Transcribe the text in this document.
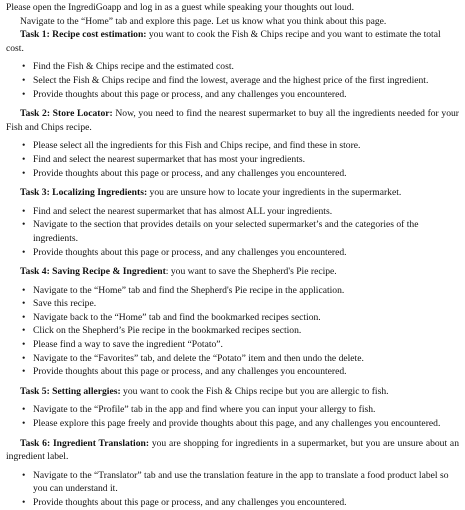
Please open the IngrediGoapp and log in as a guest while speaking your thoughts out loud.

Navigate to the “Home” tab and explore this page. Let us know what you think about this page.

Task 1: Recipe cost estimation: you want to cook the Fish & Chips recipe and you want to estimate the total cost.

• Find the Fish & Chips recipe and the estimated cost.
• Select the Fish & Chips recipe and find the lowest, average and the highest price of the first ingredient.
• Provide thoughts about this page or process, and any challenges you encountered.

Task 2: Store Locator: Now, you need to find the nearest supermarket to buy all the ingredients needed for your Fish and Chips recipe.

• Please select all the ingredients for this Fish and Chips recipe, and find these in store.
• Find and select the nearest supermarket that has most your ingredients.
• Provide thoughts about this page or process, and any challenges you encountered.

Task 3: Localizing Ingredients: you are unsure how to locate your ingredients in the supermarket.

• Find and select the nearest supermarket that has almost ALL your ingredients.
• Navigate to the section that provides details on your selected supermarket’s and the categories of the ingredients.
• Provide thoughts about this page or process, and any challenges you encountered.

Task 4: Saving Recipe & Ingredient: you want to save the Shepherd's Pie recipe.

• Navigate to the “Home” tab and find the Shepherd's Pie recipe in the application.
• Save this recipe.
• Navigate back to the “Home” tab and find the bookmarked recipes section.
• Click on the Shepherd’s Pie recipe in the bookmarked recipes section.
• Please find a way to save the ingredient “Potato”.
• Navigate to the “Favorites” tab, and delete the “Potato” item and then undo the delete.
• Provide thoughts about this page or process, and any challenges you encountered.

Task 5: Setting allergies: you want to cook the Fish & Chips recipe but you are allergic to fish.

• Navigate to the “Profile” tab in the app and find where you can input your allergy to fish.
• Please explore this page freely and provide thoughts about this page, and any challenges you encountered.

Task 6: Ingredient Translation: you are shopping for ingredients in a supermarket, but you are unsure about an ingredient label.

• Navigate to the “Translator” tab and use the translation feature in the app to translate a food product label so you can understand it.
• Provide thoughts about this page or process, and any challenges you encountered.
